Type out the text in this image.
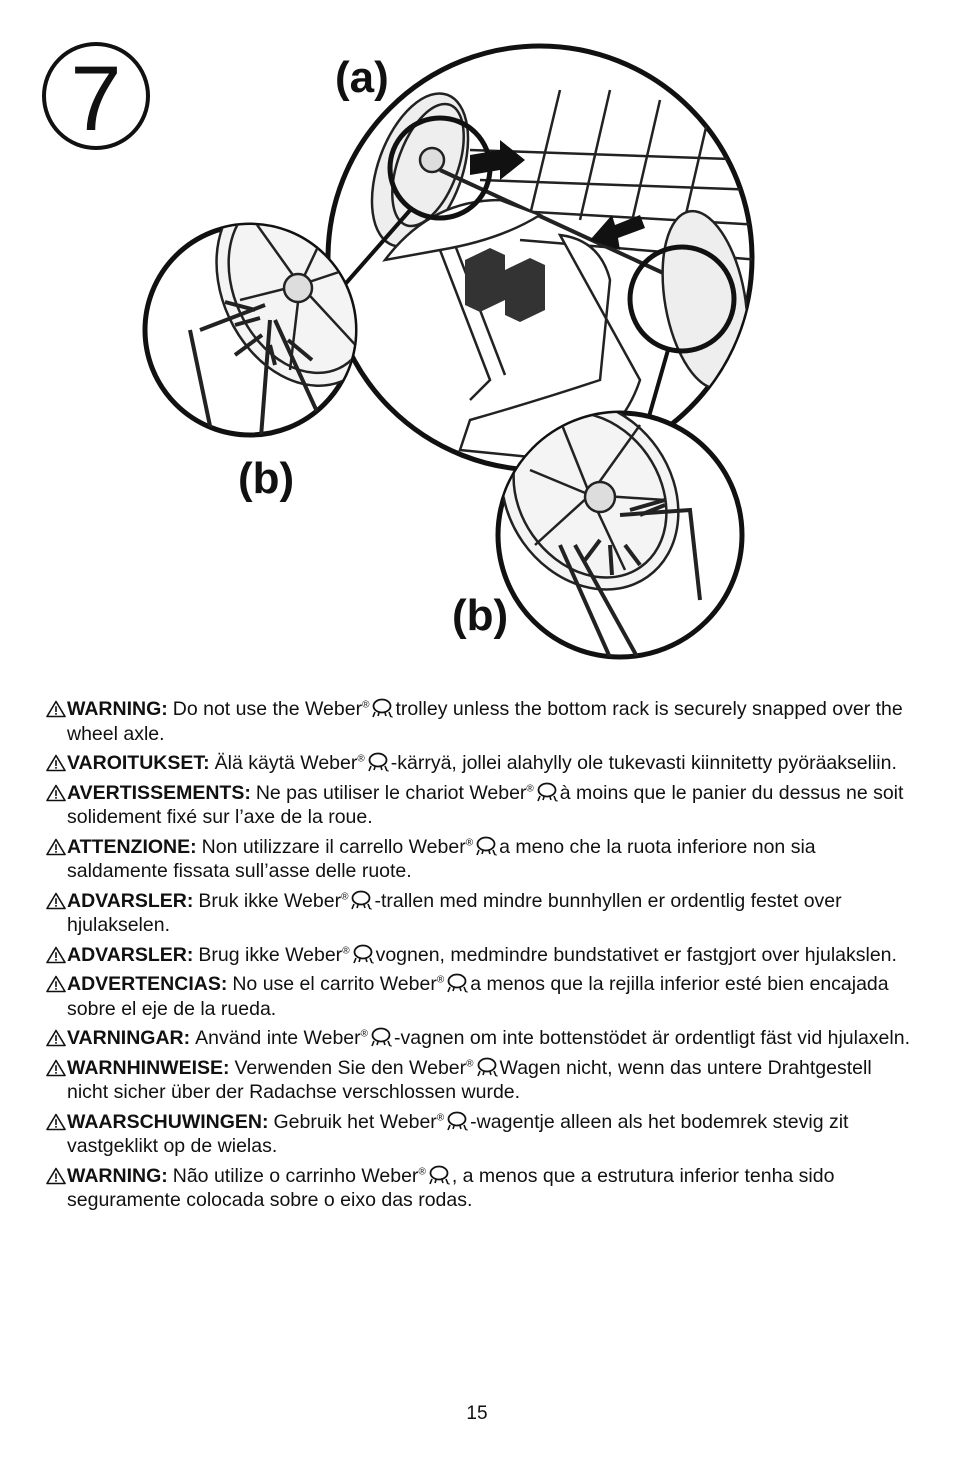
7	(a)
(b)
(b)
WARNING: Do not use the Weber® trolley unless the bottom rack is securely snapped over the wheel axle.
VAROITUKSET: Älä käytä Weber® -kärryä, jollei alahylly ole tukevasti kiinnitetty pyöräakseliin.
AVERTISSEMENTS: Ne pas utiliser le chariot Weber® à moins que le panier du dessus ne soit solidement fixé sur l’axe de la roue.
ATTENZIONE: Non utilizzare il carrello Weber® a meno che la ruota inferiore non sia saldamente fissata sull’asse delle ruote.
ADVARSLER: Bruk ikke Weber® -trallen med mindre bunnhyllen er ordentlig festet over hjulakselen.
ADVARSLER: Brug ikke Weber® vognen, medmindre bundstativet er fastgjort over hjulakslen.
ADVERTENCIAS: No use el carrito Weber® a menos que la rejilla inferior esté bien encajada sobre el eje de la rueda.
VARNINGAR: Använd inte Weber® -vagnen om inte bottenstödet är ordentligt fäst vid hjulaxeln.
WARNHINWEISE: Verwenden Sie den Weber® Wagen nicht, wenn das untere Drahtgestell nicht sicher über der Radachse verschlossen wurde.
WAARSCHUWINGEN: Gebruik het Weber® -wagentje alleen als het bodemrek stevig zit vastgeklikt op de wielas.
WARNING: Não utilize o carrinho Weber® , a menos que a estrutura inferior tenha sido seguramente colocada sobre o eixo das rodas.
15
